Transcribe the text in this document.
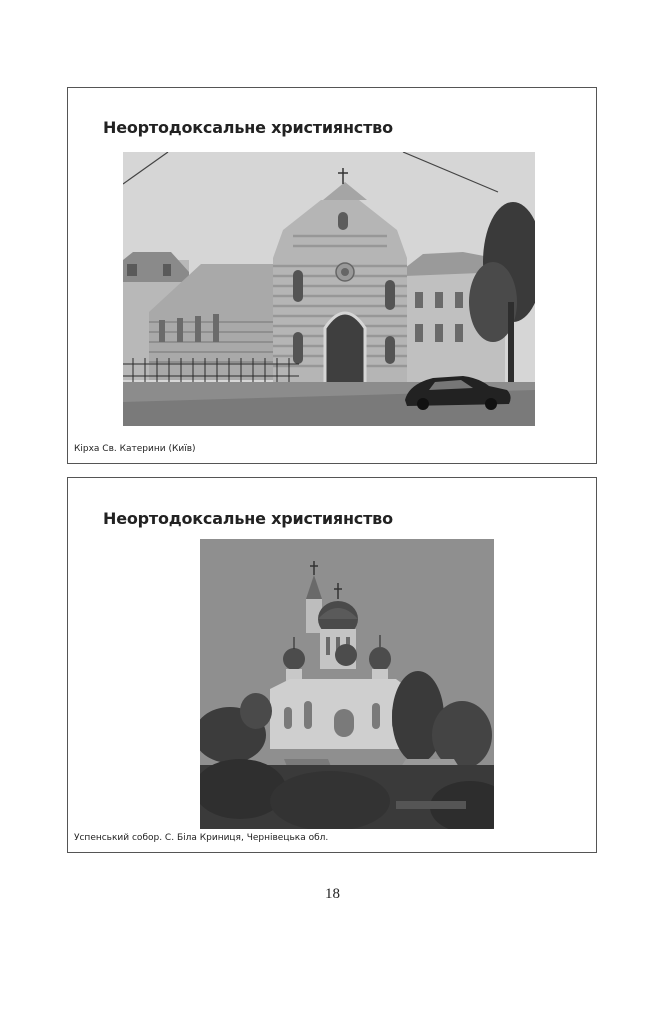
Неортодоксальне християнство
Кірха Св. Катерини (Київ)
Неортодоксальне християнство
Успенський собор. С. Біла Криниця, Чернівецька обл.
18
